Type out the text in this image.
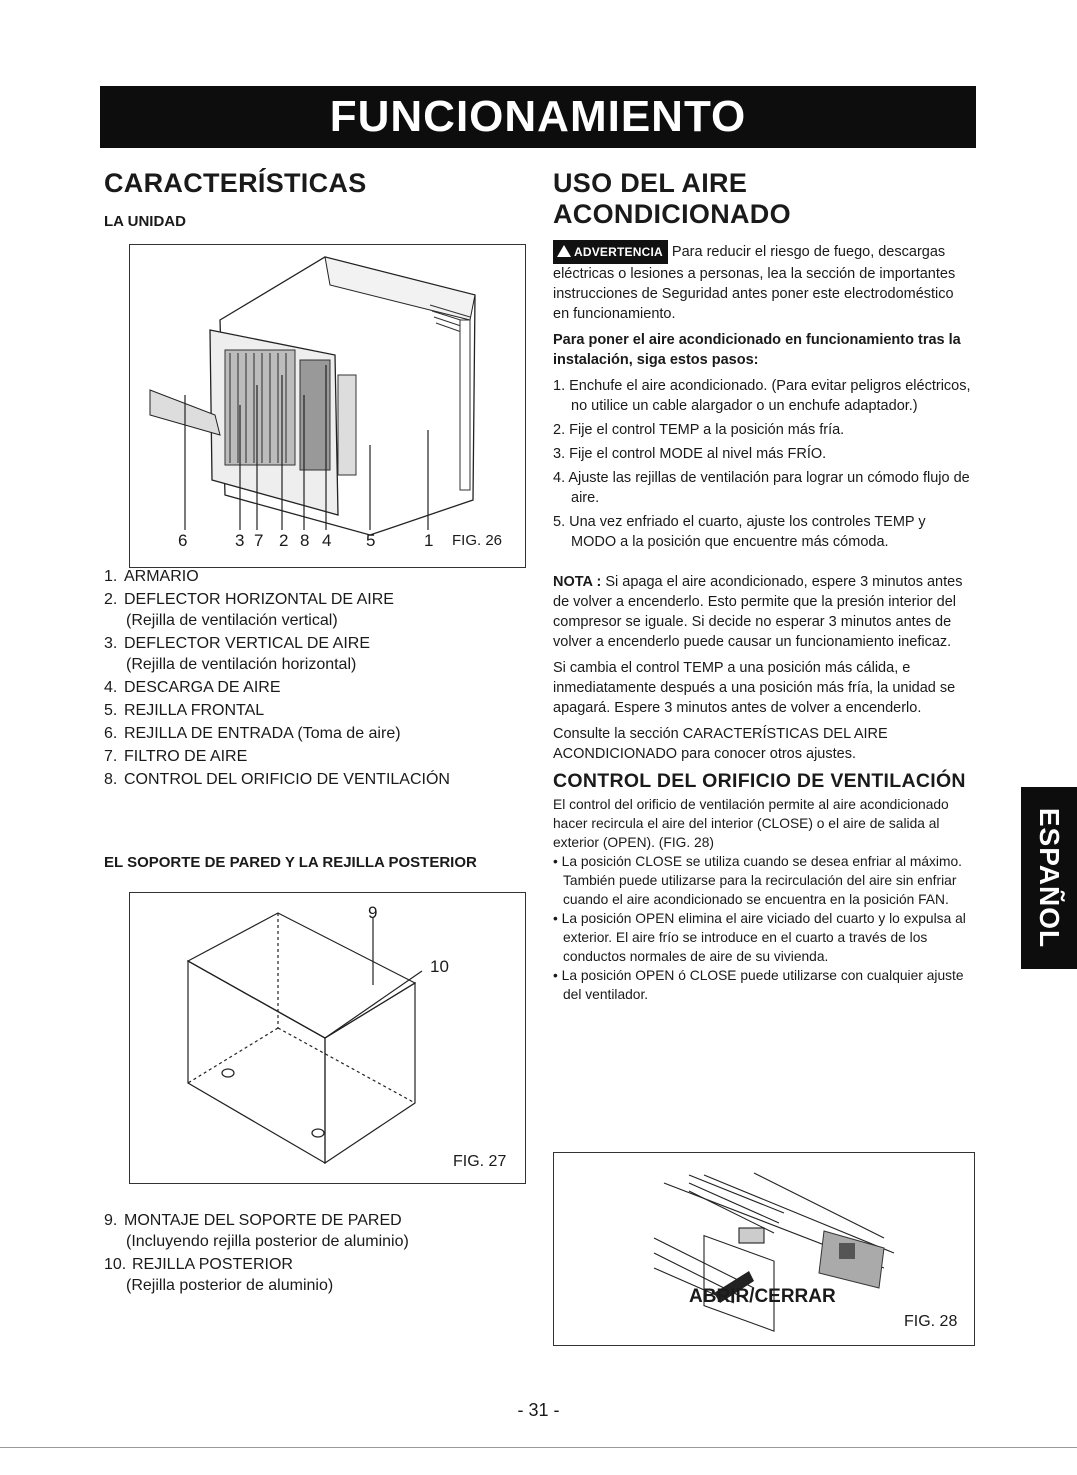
FUNCIONAMIENTO
CARACTERÍSTICAS
LA UNIDAD
6	3 7 2 8 4 5	1 FIG. 26
1. ARMARIO
2. DEFLECTOR HORIZONTAL DE AIRE
(Rejilla de ventilación vertical)
3. DEFLECTOR VERTICAL DE AIRE
(Rejilla de ventilación horizontal)
4. DESCARGA DE AIRE
5. REJILLA FRONTAL
6. REJILLA DE ENTRADA (Toma de aire)
7. FILTRO DE AIRE
8. CONTROL DEL ORIFICIO DE VENTILACIÓN
EL SOPORTE DE PARED Y LA REJILLA POSTERIOR
9
10
FIG. 27
9. MONTAJE DEL SOPORTE DE PARED
(Incluyendo rejilla posterior de aluminio)
10. REJILLA POSTERIOR
(Rejilla posterior de aluminio)
USO DEL AIRE ACONDICIONADO

ADVERTENCIA Para reducir el riesgo de fuego, descargas eléctricas o lesiones a personas, lea la sección de importantes instrucciones de Seguridad antes poner este electrodoméstico en funcionamiento.

Para poner el aire acondicionado en funcionamiento tras la instalación, siga estos pasos:

1. Enchufe el aire acondicionado. (Para evitar peligros eléctricos, no utilice un cable alargador o un enchufe adaptador.)
2. Fije el control TEMP a la posición más fría.
3. Fije el control MODE al nivel más FRÍO.
4. Ajuste las rejillas de ventilación para lograr un cómodo flujo de aire.
5. Una vez enfriado el cuarto, ajuste los controles TEMP y MODO a la posición que encuentre más cómoda.

NOTA : Si apaga el aire acondicionado, espere 3 minutos antes de volver a encenderlo. Esto permite que la presión interior del compresor se iguale. Si decide no esperar 3 minutos antes de volver a encenderlo puede causar un funcionamiento ineficaz.

Si cambia el control TEMP a una posición más cálida, e inmediatamente después a una posición más fría, la unidad se apagará. Espere 3 minutos antes de volver a encenderlo.

Consulte la sección CARACTERÍSTICAS DEL AIRE ACONDICIONADO para conocer otros ajustes.

CONTROL DEL ORIFICIO DE VENTILACIÓN

El control del orificio de ventilación permite al aire acondicionado hacer recircula el aire del interior (CLOSE) o el aire de salida al exterior (OPEN). (FIG. 28)

• La posición CLOSE se utiliza cuando se desea enfriar al máximo. También puede utilizarse para la recirculación del aire sin enfriar cuando el aire acondicionado se encuentra en la posición FAN.
• La posición OPEN elimina el aire viciado del cuarto y lo expulsa al exterior. El aire frío se introduce en el cuarto a través de los conductos normales de aire de su vivienda.
• La posición OPEN ó CLOSE puede utilizarse con cualquier ajuste del ventilador.
ABRIR/CERRAR
FIG. 28
ESPAÑOL
- 31 -
